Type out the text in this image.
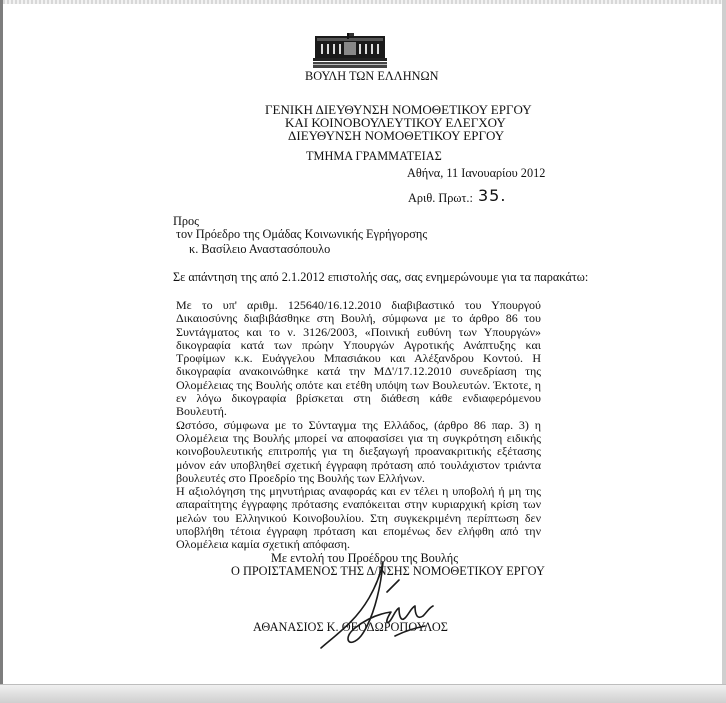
ΒΟΥΛΗ ΤΩΝ ΕΛΛΗΝΩΝ
ΓΕΝΙΚΗ ΔΙΕΥΘΥΝΣΗ ΝΟΜΟΘΕΤΙΚΟΥ ΕΡΓΟΥ
ΚΑΙ ΚΟΙΝΟΒΟΥΛΕΥΤΙΚΟΥ ΕΛΕΓΧΟΥ
ΔΙΕΥΘΥΝΣΗ ΝΟΜΟΘΕΤΙΚΟΥ ΕΡΓΟΥ
ΤΜΗΜΑ ΓΡΑΜΜΑΤΕΙΑΣ
Αθήνα, 11 Ιανουαρίου 2012
Αριθ. Πρωτ.: 35.
Προς
τον Πρόεδρο της Ομάδας Κοινωνικής Εγρήγορσης
κ. Βασίλειο Αναστασόπουλο
Σε απάντηση της από 2.1.2012 επιστολής σας, σας ενημερώνουμε για τα παρακάτω:

Με το υπ' αριθμ. 125640/16.12.2010 διαβιβαστικό του Υπουργού Δικαιοσύνης διαβιβάσθηκε στη Βουλή, σύμφωνα με το άρθρο 86 του Συντάγματος και το ν. 3126/2003, «Ποινική ευθύνη των Υπουργών» δικογραφία κατά των πρώην Υπουργών Αγροτικής Ανάπτυξης και Τροφίμων κ.κ. Ευάγγελου Μπασιάκου και Αλέξανδρου Κοντού. Η δικογραφία ανακοινώθηκε κατά την ΜΔ'/17.12.2010 συνεδρίαση της Ολομέλειας της Βουλής οπότε και ετέθη υπόψη των Βουλευτών. Έκτοτε, η εν λόγω δικογραφία βρίσκεται στη διάθεση κάθε ενδιαφερόμενου Βουλευτή.

Ωστόσο, σύμφωνα με το Σύνταγμα της Ελλάδος, (άρθρο 86 παρ. 3) η Ολομέλεια της Βουλής μπορεί να αποφασίσει για τη συγκρότηση ειδικής κοινοβουλευτικής επιτροπής για τη διεξαγωγή προανακριτικής εξέτασης μόνον εάν υποβληθεί σχετική έγγραφη πρόταση από τουλάχιστον τριάντα βουλευτές στο Προεδρίο της Βουλής των Ελλήνων.

Η αξιολόγηση της μηνυτήριας αναφοράς και εν τέλει η υποβολή ή μη της απαραίτητης έγγραφης πρότασης εναπόκειται στην κυριαρχική κρίση των μελών του Ελληνικού Κοινοβουλίου. Στη συγκεκριμένη περίπτωση δεν υποβλήθη τέτοια έγγραφη πρόταση και επομένως δεν ελήφθη από την Ολομέλεια καμία σχετική απόφαση.

Με εντολή του Προέδρου της Βουλής
Ο ΠΡΟΙΣΤΑΜΕΝΟΣ ΤΗΣ Δ/ΝΣΗΣ ΝΟΜΟΘΕΤΙΚΟΥ ΕΡΓΟΥ
ΑΘΑΝΑΣΙΟΣ Κ. ΘΕΟΔΩΡΟΠΟΥΛΟΣ
